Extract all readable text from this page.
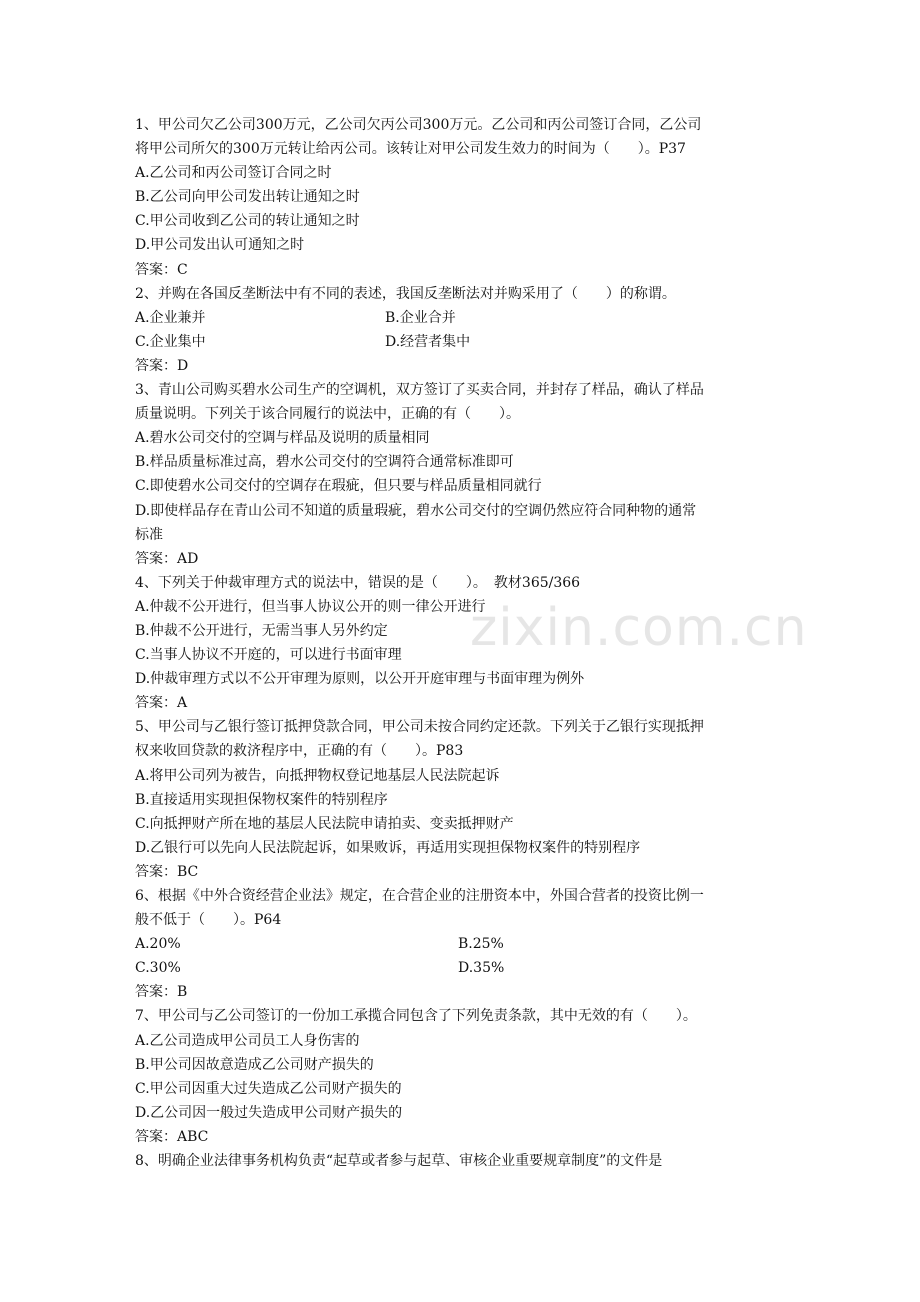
zixin.com.cn
1、甲公司欠乙公司300万元，乙公司欠丙公司300万元。乙公司和丙公司签订合同，乙公司
将甲公司所欠的300万元转让给丙公司。该转让对甲公司发生效力的时间为（　　）。P37
A.乙公司和丙公司签订合同之时
B.乙公司向甲公司发出转让通知之时
C.甲公司收到乙公司的转让通知之时
D.甲公司发出认可通知之时
答案：C
2、并购在各国反垄断法中有不同的表述，我国反垄断法对并购采用了（　　）的称谓。
A.企业兼并	B.企业合并
C.企业集中	D.经营者集中
答案：D
3、青山公司购买碧水公司生产的空调机，双方签订了买卖合同，并封存了样品，确认了样品
质量说明。下列关于该合同履行的说法中，正确的有（　　）。
A.碧水公司交付的空调与样品及说明的质量相同
B.样品质量标准过高，碧水公司交付的空调符合通常标准即可
C.即使碧水公司交付的空调存在瑕疵，但只要与样品质量相同就行
D.即使样品存在青山公司不知道的质量瑕疵，碧水公司交付的空调仍然应符合同种物的通常
标准
答案：AD
4、下列关于仲裁审理方式的说法中，错误的是（　　）。　教材365/366
A.仲裁不公开进行，但当事人协议公开的则一律公开进行
B.仲裁不公开进行，无需当事人另外约定
C.当事人协议不开庭的，可以进行书面审理
D.仲裁审理方式以不公开审理为原则，以公开开庭审理与书面审理为例外
答案：A
5、甲公司与乙银行签订抵押贷款合同，甲公司未按合同约定还款。下列关于乙银行实现抵押
权来收回贷款的救济程序中，正确的有（　　）。P83
A.将甲公司列为被告，向抵押物权登记地基层人民法院起诉
B.直接适用实现担保物权案件的特别程序
C.向抵押财产所在地的基层人民法院申请拍卖、变卖抵押财产
D.乙银行可以先向人民法院起诉，如果败诉，再适用实现担保物权案件的特别程序
答案：BC
6、根据《中外合资经营企业法》规定，在合营企业的注册资本中，外国合营者的投资比例一
般不低于（　　）。P64
A.20%	B.25%
C.30%	D.35%
答案：B
7、甲公司与乙公司签订的一份加工承揽合同包含了下列免责条款，其中无效的有（　　）。
A.乙公司造成甲公司员工人身伤害的
B.甲公司因故意造成乙公司财产损失的
C.甲公司因重大过失造成乙公司财产损失的
D.乙公司因一般过失造成甲公司财产损失的
答案：ABC
8、明确企业法律事务机构负责“起草或者参与起草、审核企业重要规章制度”的文件是
